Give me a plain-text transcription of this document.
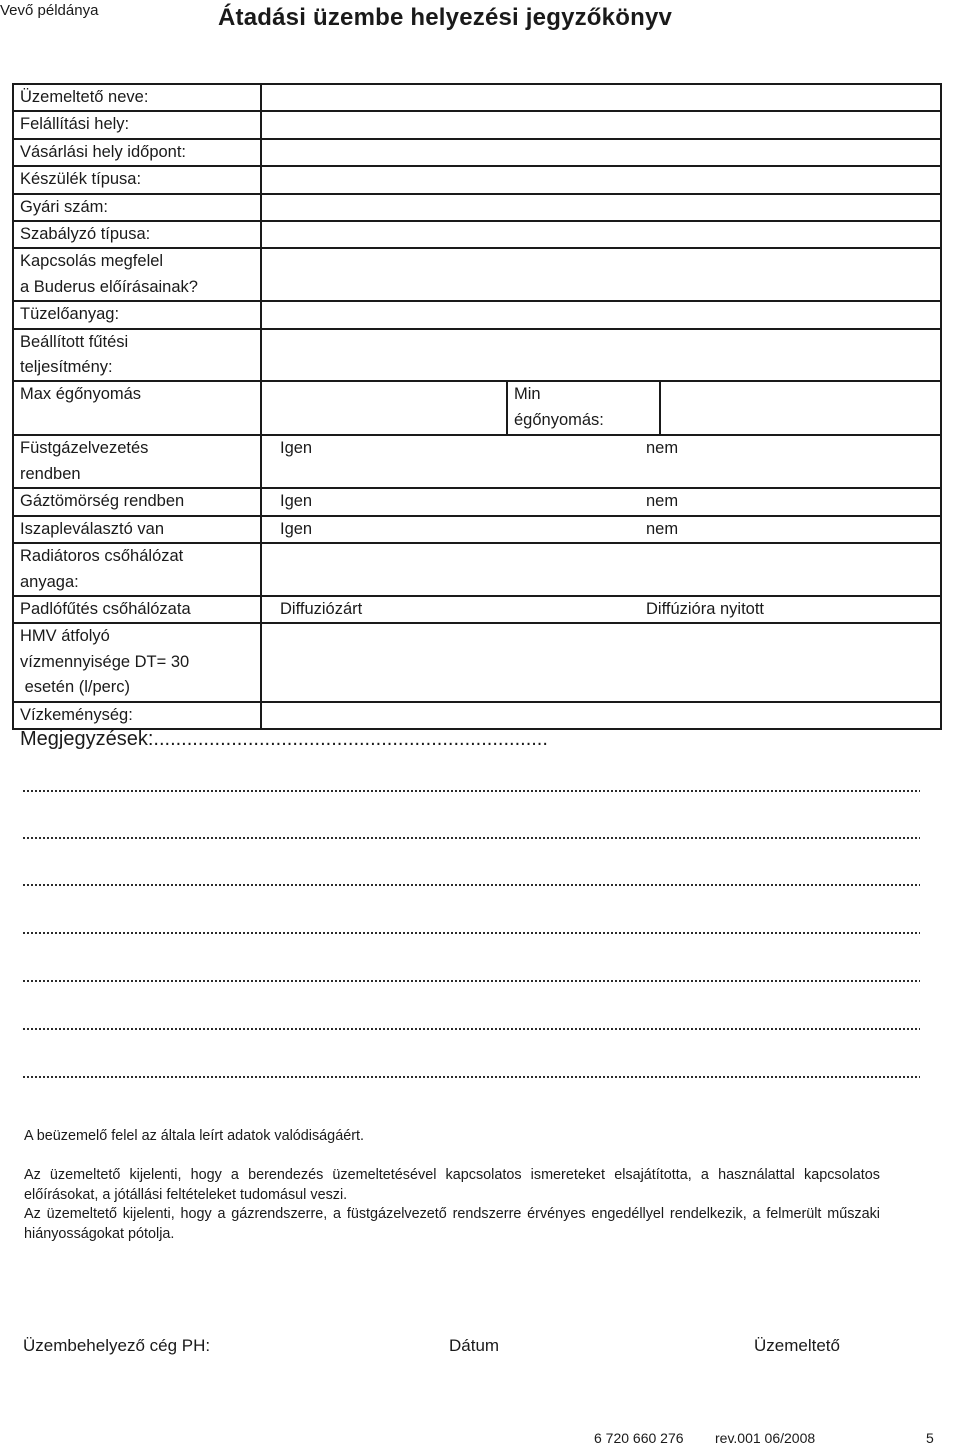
Vevő példánya	Átadási üzembe helyezési jegyzőkönyv
Üzemeltető neve:	
Felállítási hely:	
Vásárlási hely időpont:	
Készülék típusa:	
Gyári szám:	
Szabályzó típusa:	

Kapcsolás megfelel
a Buderus előírásainak?	

Tüzelőanyag:	

Beállított fűtési
teljesítmény:	

Max égőnyomás	Min
égőnyomás:

Füstgázelvezetés
rendben	Igen nem

Gáztömörség rendben	Igen nem

Iszapleválasztó van	Igen nem

Radiátoros csőhálózat
anyaga:	

Padlófűtés csőhálózata	Diffuziózárt Diffúzióra nyitott

HMV átfolyó
vízmennyisége DT= 30
esetén (l/perc)	

Vízkeménység:	
Megjegyzések:.......................................................................

A beüzemelő felel az általa leírt adatok valódiságáért.

Az üzemeltető kijelenti, hogy a berendezés üzemeltetésével kapcsolatos ismereteket elsajátította, a használattal kapcsolatos előírásokat, a jótállási feltételeket tudomásul veszi.

Az üzemeltető kijelenti, hogy a gázrendszerre, a füstgázelvezető rendszerre érvényes engedéllyel rendelkezik, a felmerült műszaki hiányosságokat pótolja.

Üzembehelyező cég PH:	Dátum	Üzemeltető
6 720 660 276 rev.001 06/2008	5
